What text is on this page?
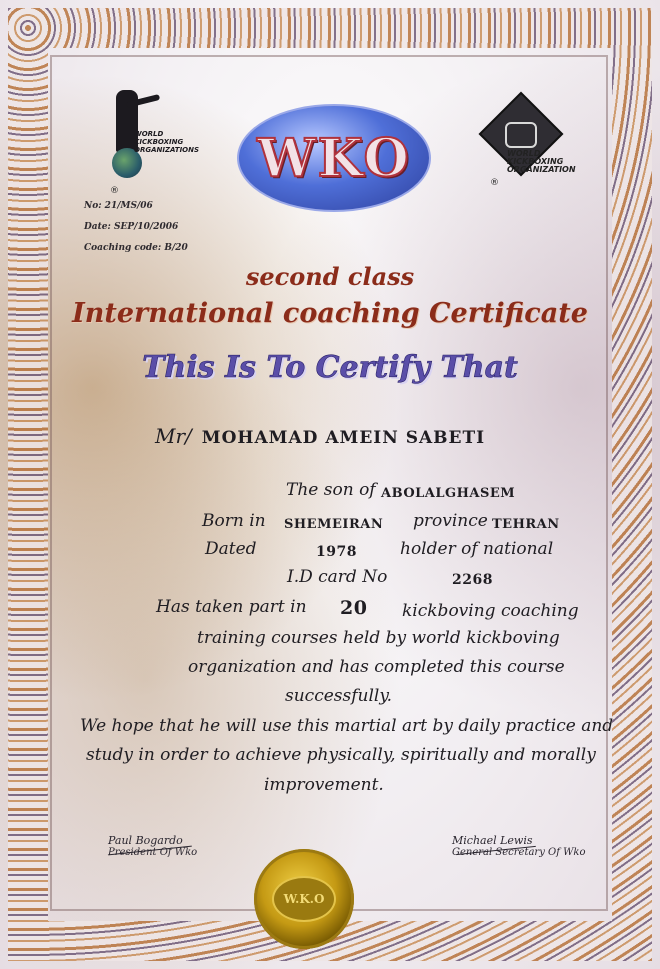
WORLD KICKBOXING ORGANIZATIONS
®
WKO	WORLD KICKBOXING ORGANIZATION
®
No: 21/MS/06
Date: SEP/10/2006
Coaching code: B/20
second class
International coaching Certificate
This Is To Certify That
Mr/ MOHAMAD AMEIN SABETI
The son of ABOLALGHASEM
Born in SHEMEIRAN province TEHRAN
Dated	1978	holder of national
I.D card No	2268
Has taken part in 20 kickboving coaching
training courses held by world kickboving
organization and has completed this course
successfully.
We hope that he will use this martial art by daily practice and
study in order to achieve physically, spiritually and morally
improvement.
Paul Bogardo
President Of Wko
Michael Lewis
General Secretary Of Wko
W.K.O
